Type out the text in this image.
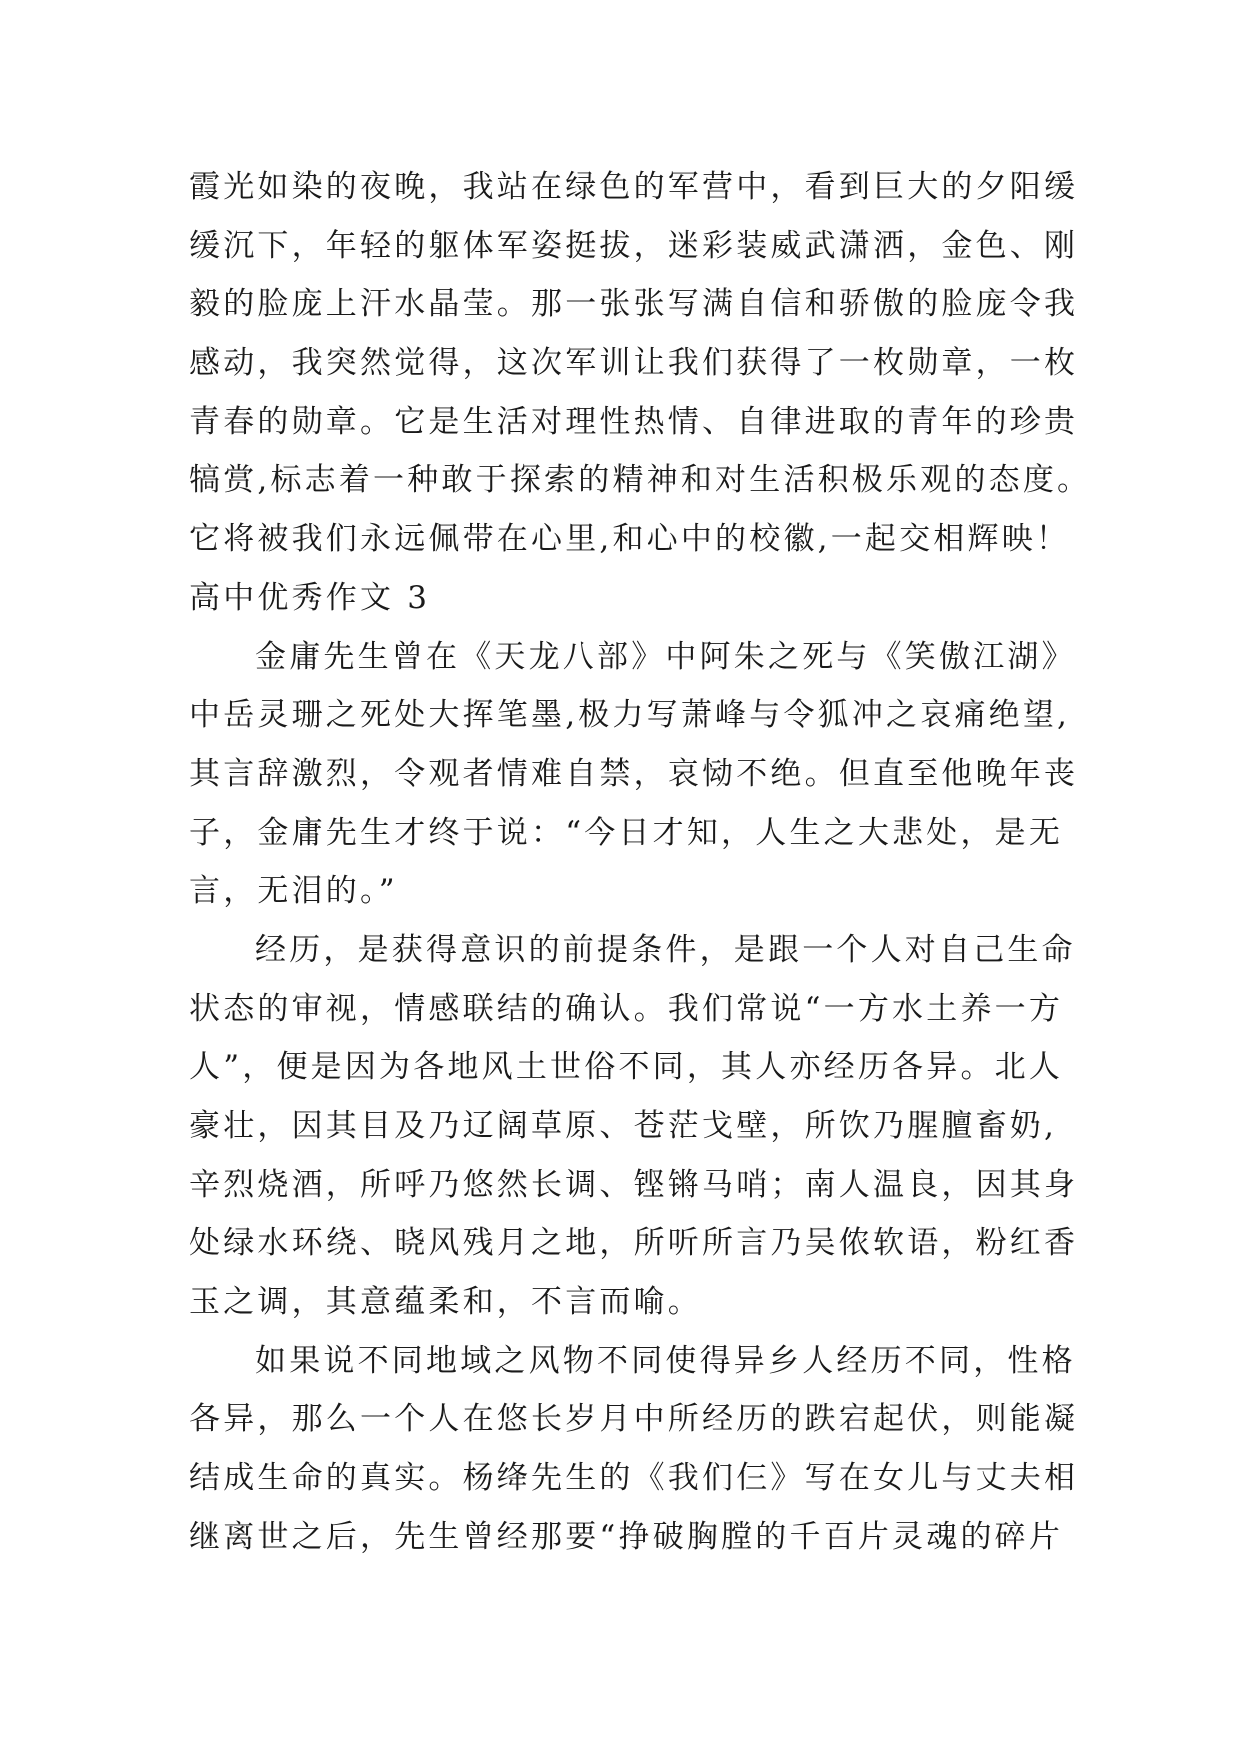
霞光如染的夜晚，我站在绿色的军营中，看到巨大的夕阳缓
缓沉下，年轻的躯体军姿挺拔，迷彩装威武潇洒，金色、刚
毅的脸庞上汗水晶莹。那一张张写满自信和骄傲的脸庞令我
感动，我突然觉得，这次军训让我们获得了一枚勋章，一枚
青春的勋章。它是生活对理性热情、自律进取的青年的珍贵
犒赏,标志着一种敢于探索的精神和对生活积极乐观的态度。
它将被我们永远佩带在心里,和心中的校徽,一起交相辉映！
高中优秀作文 3
金庸先生曾在《天龙八部》中阿朱之死与《笑傲江湖》
中岳灵珊之死处大挥笔墨,极力写萧峰与令狐冲之哀痛绝望,
其言辞激烈，令观者情难自禁，哀恸不绝。但直至他晚年丧
子，金庸先生才终于说：“今日才知，人生之大悲处，是无
言，无泪的。”
经历，是获得意识的前提条件，是跟一个人对自己生命
状态的审视，情感联结的确认。我们常说“一方水土养一方
人”，便是因为各地风土世俗不同，其人亦经历各异。北人
豪壮，因其目及乃辽阔草原、苍茫戈壁，所饮乃腥膻畜奶,
辛烈烧酒，所呼乃悠然长调、铿锵马哨；南人温良，因其身
处绿水环绕、晓风残月之地，所听所言乃吴侬软语，粉红香
玉之调，其意蕴柔和，不言而喻。
如果说不同地域之风物不同使得异乡人经历不同，性格
各异，那么一个人在悠长岁月中所经历的跌宕起伏，则能凝
结成生命的真实。杨绛先生的《我们仨》写在女儿与丈夫相
继离世之后，先生曾经那要“挣破胸膛的千百片灵魂的碎片
